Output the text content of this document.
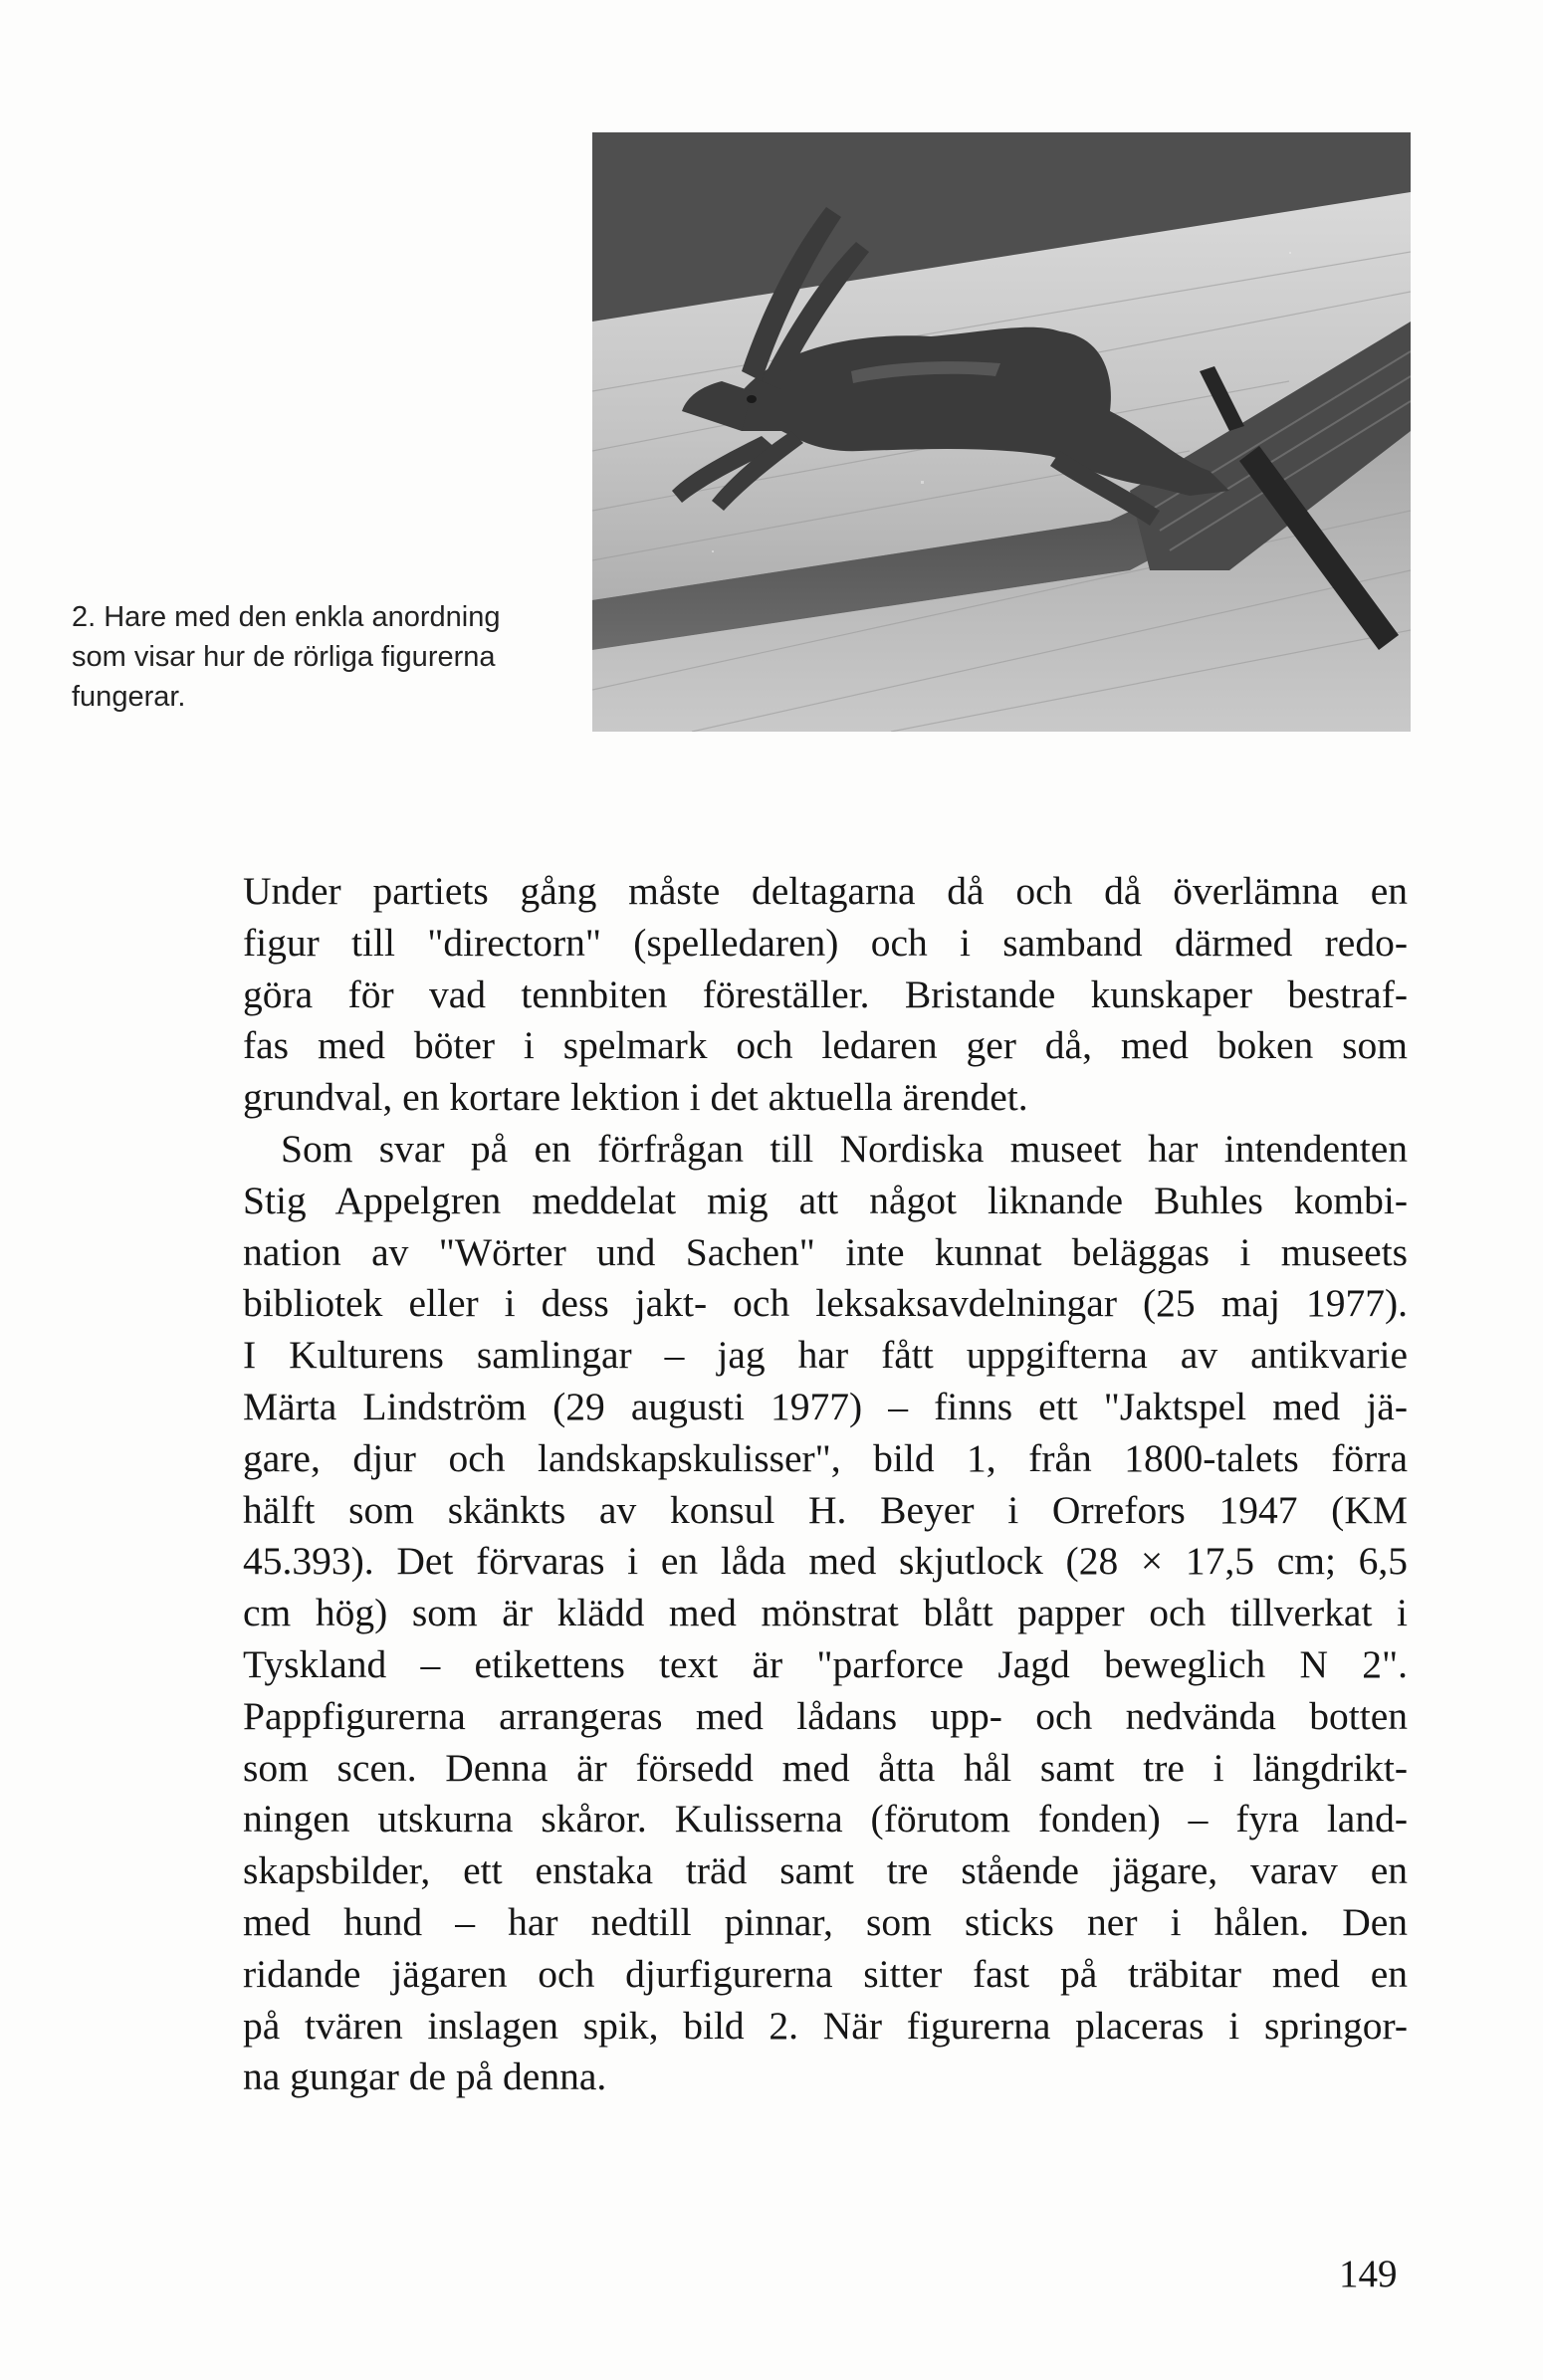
2. Hare med den enkla anordning
som visar hur de rörliga figurerna
fungerar.
Under partiets gång måste deltagarna då och då överlämna en
figur till "directorn" (spelledaren) och i samband därmed redo-
göra för vad tennbiten föreställer. Bristande kunskaper bestraf-
fas med böter i spelmark och ledaren ger då, med boken som
grundval, en kortare lektion i det aktuella ärendet.
Som svar på en förfrågan till Nordiska museet har intendenten
Stig Appelgren meddelat mig att något liknande Buhles kombi-
nation av "Wörter und Sachen" inte kunnat beläggas i museets
bibliotek eller i dess jakt- och leksaksavdelningar (25 maj 1977).
I Kulturens samlingar – jag har fått uppgifterna av antikvarie
Märta Lindström (29 augusti 1977) – finns ett "Jaktspel med jä-
gare, djur och landskapskulisser", bild 1, från 1800-talets förra
hälft som skänkts av konsul H. Beyer i Orrefors 1947 (KM
45.393). Det förvaras i en låda med skjutlock (28 × 17,5 cm; 6,5
cm hög) som är klädd med mönstrat blått papper och tillverkat i
Tyskland – etikettens text är "parforce Jagd beweglich N 2".
Pappfigurerna arrangeras med lådans upp- och nedvända botten
som scen. Denna är försedd med åtta hål samt tre i längdrikt-
ningen utskurna skåror. Kulisserna (förutom fonden) – fyra land-
skapsbilder, ett enstaka träd samt tre stående jägare, varav en
med hund – har nedtill pinnar, som sticks ner i hålen. Den
ridande jägaren och djurfigurerna sitter fast på träbitar med en
på tvären inslagen spik, bild 2. När figurerna placeras i springor-
na gungar de på denna.
149
